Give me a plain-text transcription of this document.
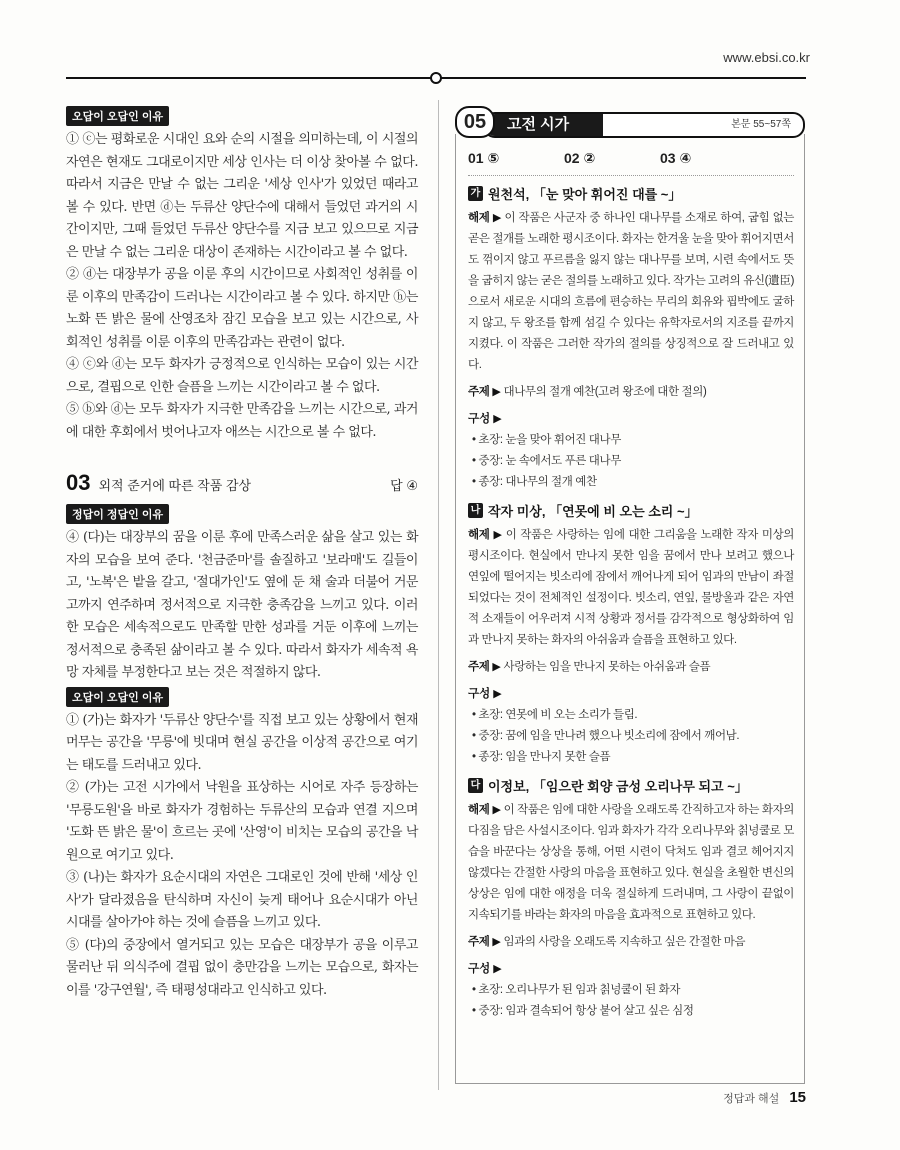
www.ebsi.co.kr
오답이 오답인 이유

① ⓒ는 평화로운 시대인 요와 순의 시절을 의미하는데, 이 시절의 자연은 현재도 그대로이지만 세상 인사는 더 이상 찾아볼 수 없다. 따라서 지금은 만날 수 없는 그리운 '세상 인사'가 있었던 때라고 볼 수 있다. 반면 ⓓ는 두류산 양단수에 대해서 들었던 과거의 시간이지만, 그때 들었던 두류산 양단수를 지금 보고 있으므로 지금은 만날 수 없는 그리운 대상이 존재하는 시간이라고 볼 수 없다.

② ⓓ는 대장부가 공을 이룬 후의 시간이므로 사회적인 성취를 이룬 이후의 만족감이 드러나는 시간이라고 볼 수 있다. 하지만 ⓗ는 노화 뜬 밝은 물에 산영조차 잠긴 모습을 보고 있는 시간으로, 사회적인 성취를 이룬 이후의 만족감과는 관련이 없다.

④ ⓒ와 ⓓ는 모두 화자가 긍정적으로 인식하는 모습이 있는 시간으로, 결핍으로 인한 슬픔을 느끼는 시간이라고 볼 수 없다.

⑤ ⓑ와 ⓓ는 모두 화자가 지극한 만족감을 느끼는 시간으로, 과거에 대한 후회에서 벗어나고자 애쓰는 시간으로 볼 수 없다.

03 외적 준거에 따른 작품 감상	답 ④
정답이 정답인 이유

④ (다)는 대장부의 꿈을 이룬 후에 만족스러운 삶을 살고 있는 화자의 모습을 보여 준다. '천금준마'를 솔질하고 '보라매'도 길들이고, '노복'은 밭을 갈고, '절대가인'도 옆에 둔 채 술과 더불어 거문고까지 연주하며 정서적으로 지극한 충족감을 느끼고 있다. 이러한 모습은 세속적으로도 만족할 만한 성과를 거둔 이후에 느끼는 정서적으로 충족된 삶이라고 볼 수 있다. 따라서 화자가 세속적 욕망 자체를 부정한다고 보는 것은 적절하지 않다.

오답이 오답인 이유

① (가)는 화자가 '두류산 양단수'를 직접 보고 있는 상황에서 현재 머무는 공간을 '무릉'에 빗대며 현실 공간을 이상적 공간으로 여기는 태도를 드러내고 있다.

② (가)는 고전 시가에서 낙원을 표상하는 시어로 자주 등장하는 '무릉도원'을 바로 화자가 경험하는 두류산의 모습과 연결 지으며 '도화 뜬 밝은 물'이 흐르는 곳에 '산영'이 비치는 모습의 공간을 낙원으로 여기고 있다.

③ (나)는 화자가 요순시대의 자연은 그대로인 것에 반해 '세상 인사'가 달라졌음을 탄식하며 자신이 늦게 태어나 요순시대가 아닌 시대를 살아가야 하는 것에 슬픔을 느끼고 있다.

⑤ (다)의 중장에서 열거되고 있는 모습은 대장부가 공을 이루고 물러난 뒤 의식주에 결핍 없이 충만감을 느끼는 모습으로, 화자는 이를 '강구연월', 즉 태평성대라고 인식하고 있다.

05	고전 시가	본문 55~57쪽
01 ⑤	02 ②	03 ④
가 원천석, 「눈 맞아 휘어진 대를 ~」

해제 ▶ 이 작품은 사군자 중 하나인 대나무를 소재로 하여, 굽힘 없는 곧은 절개를 노래한 평시조이다. 화자는 한겨울 눈을 맞아 휘어지면서도 꺾이지 않고 푸르름을 잃지 않는 대나무를 보며, 시련 속에서도 뜻을 굽히지 않는 굳은 절의를 노래하고 있다. 작가는 고려의 유신(遺臣)으로서 새로운 시대의 흐름에 편승하는 무리의 회유와 핍박에도 굴하지 않고, 두 왕조를 함께 섬길 수 있다는 유학자로서의 지조를 끝까지 지켰다. 이 작품은 그러한 작가의 절의를 상징적으로 잘 드러내고 있다.

주제 ▶ 대나무의 절개 예찬(고려 왕조에 대한 절의)

구성 ▶
• 초장: 눈을 맞아 휘어진 대나무
• 중장: 눈 속에서도 푸른 대나무
• 종장: 대나무의 절개 예찬
나 작자 미상, 「연못에 비 오는 소리 ~」

해제 ▶ 이 작품은 사랑하는 임에 대한 그리움을 노래한 작자 미상의 평시조이다. 현실에서 만나지 못한 임을 꿈에서 만나 보려고 했으나 연잎에 떨어지는 빗소리에 잠에서 깨어나게 되어 임과의 만남이 좌절되었다는 것이 전체적인 설정이다. 빗소리, 연잎, 물방울과 같은 자연적 소재들이 어우러져 시적 상황과 정서를 감각적으로 형상화하여 임과 만나지 못하는 화자의 아쉬움과 슬픔을 표현하고 있다.

주제 ▶ 사랑하는 임을 만나지 못하는 아쉬움과 슬픔

구성 ▶
• 초장: 연못에 비 오는 소리가 들림.
• 중장: 꿈에 임을 만나려 했으나 빗소리에 잠에서 깨어남.
• 종장: 임을 만나지 못한 슬픔
다 이정보, 「임으란 회양 금성 오리나무 되고 ~」

해제 ▶ 이 작품은 임에 대한 사랑을 오래도록 간직하고자 하는 화자의 다짐을 담은 사설시조이다. 임과 화자가 각각 오리나무와 칡넝쿨로 모습을 바꾼다는 상상을 통해, 어떤 시련이 닥쳐도 임과 결코 헤어지지 않겠다는 간절한 사랑의 마음을 표현하고 있다. 현실을 초월한 변신의 상상은 임에 대한 애정을 더욱 절실하게 드러내며, 그 사랑이 끝없이 지속되기를 바라는 화자의 마음을 효과적으로 표현하고 있다.

주제 ▶ 임과의 사랑을 오래도록 지속하고 싶은 간절한 마음

구성 ▶
• 초장: 오리나무가 된 임과 칡넝쿨이 된 화자
• 중장: 임과 결속되어 항상 붙어 살고 싶은 심정
정답과 해설 15
